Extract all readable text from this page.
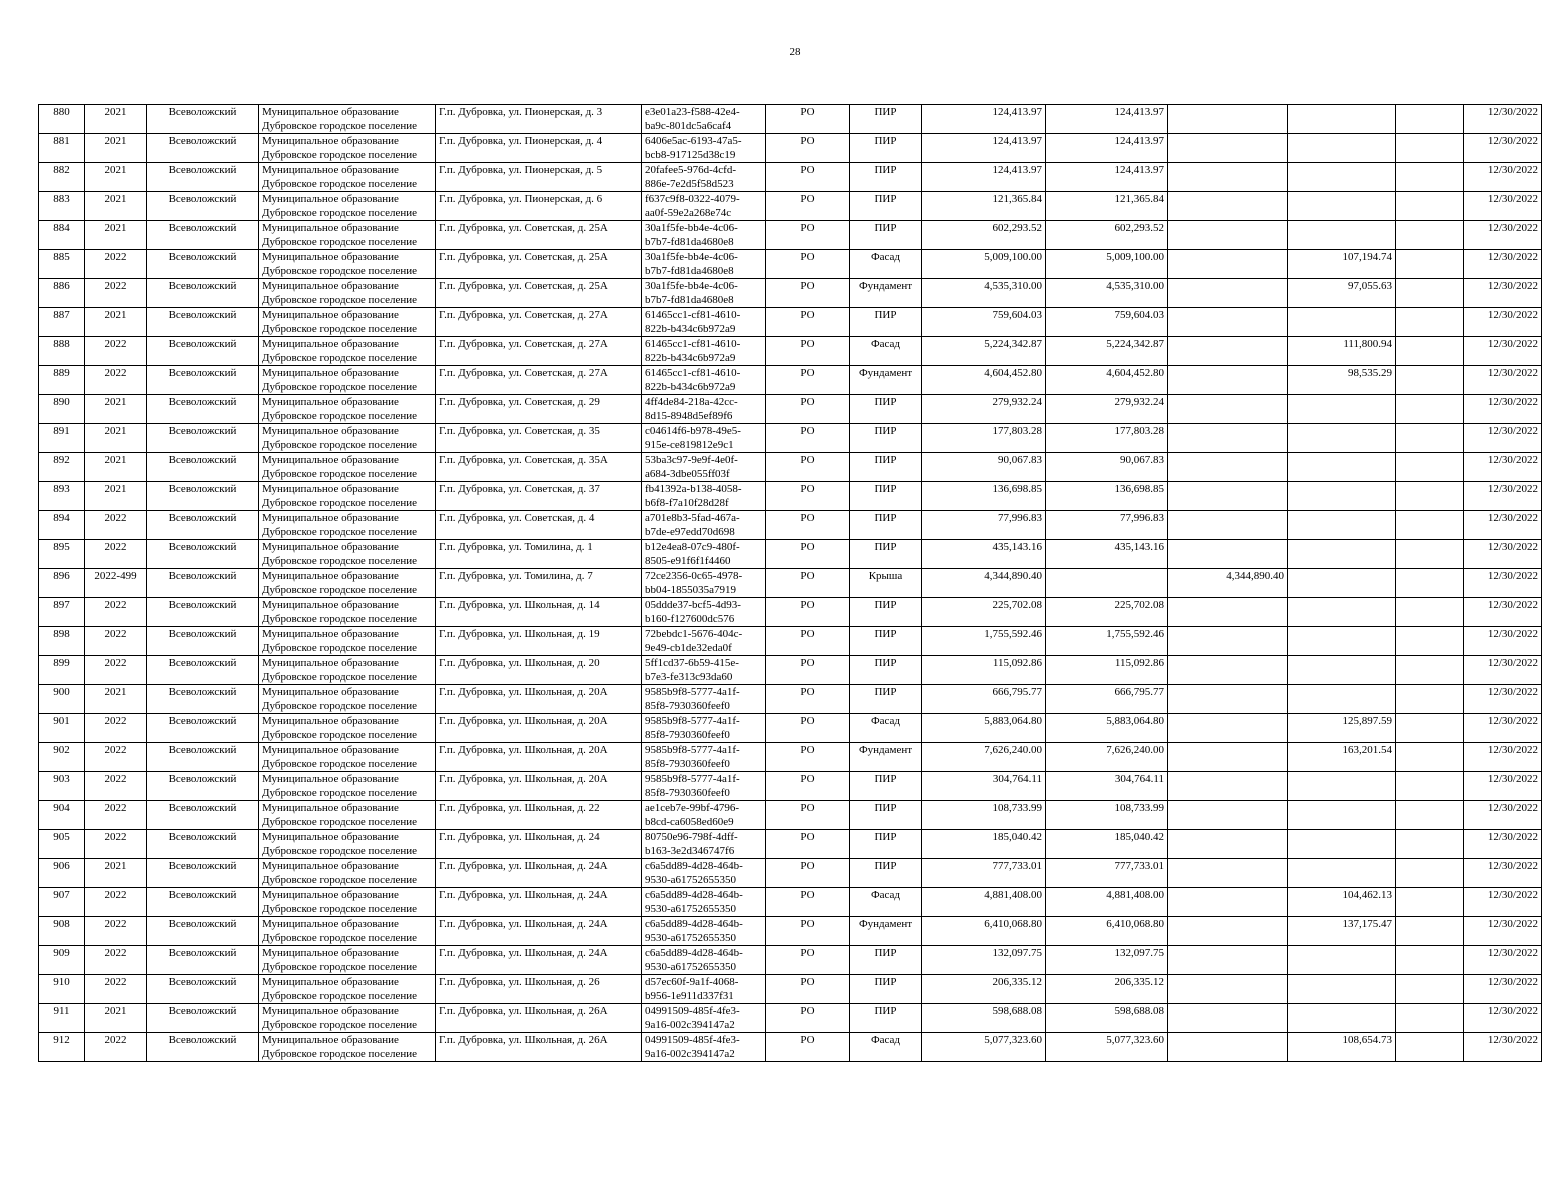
28
880	2021	Всеволожский	Муниципальное образование
Дубровское городское поселение	Г.п. Дубровка, ул. Пионерская, д. 3	e3e01a23-f588-42e4-
ba9c-801dc5a6caf4	РО	ПИР	124,413.97	124,413.97				12/30/2022
881	2021	Всеволожский	Муниципальное образование
Дубровское городское поселение	Г.п. Дубровка, ул. Пионерская, д. 4	6406e5ac-6193-47a5-
bcb8-917125d38c19	РО	ПИР	124,413.97	124,413.97				12/30/2022
882	2021	Всеволожский	Муниципальное образование
Дубровское городское поселение	Г.п. Дубровка, ул. Пионерская, д. 5	20fafee5-976d-4cfd-
886e-7e2d5f58d523	РО	ПИР	124,413.97	124,413.97				12/30/2022
883	2021	Всеволожский	Муниципальное образование
Дубровское городское поселение	Г.п. Дубровка, ул. Пионерская, д. 6	f637c9f8-0322-4079-
aa0f-59e2a268e74c	РО	ПИР	121,365.84	121,365.84				12/30/2022
884	2021	Всеволожский	Муниципальное образование
Дубровское городское поселение	Г.п. Дубровка, ул. Советская, д. 25А	30a1f5fe-bb4e-4c06-
b7b7-fd81da4680e8	РО	ПИР	602,293.52	602,293.52				12/30/2022
885	2022	Всеволожский	Муниципальное образование
Дубровское городское поселение	Г.п. Дубровка, ул. Советская, д. 25А	30a1f5fe-bb4e-4c06-
b7b7-fd81da4680e8	РО	Фасад	5,009,100.00	5,009,100.00		107,194.74		12/30/2022
886	2022	Всеволожский	Муниципальное образование
Дубровское городское поселение	Г.п. Дубровка, ул. Советская, д. 25А	30a1f5fe-bb4e-4c06-
b7b7-fd81da4680e8	РО	Фундамент	4,535,310.00	4,535,310.00		97,055.63		12/30/2022
887	2021	Всеволожский	Муниципальное образование
Дубровское городское поселение	Г.п. Дубровка, ул. Советская, д. 27А	61465cc1-cf81-4610-
822b-b434c6b972a9	РО	ПИР	759,604.03	759,604.03				12/30/2022
888	2022	Всеволожский	Муниципальное образование
Дубровское городское поселение	Г.п. Дубровка, ул. Советская, д. 27А	61465cc1-cf81-4610-
822b-b434c6b972a9	РО	Фасад	5,224,342.87	5,224,342.87		111,800.94		12/30/2022
889	2022	Всеволожский	Муниципальное образование
Дубровское городское поселение	Г.п. Дубровка, ул. Советская, д. 27А	61465cc1-cf81-4610-
822b-b434c6b972a9	РО	Фундамент	4,604,452.80	4,604,452.80		98,535.29		12/30/2022
890	2021	Всеволожский	Муниципальное образование
Дубровское городское поселение	Г.п. Дубровка, ул. Советская, д. 29	4ff4de84-218a-42cc-
8d15-8948d5ef89f6	РО	ПИР	279,932.24	279,932.24				12/30/2022
891	2021	Всеволожский	Муниципальное образование
Дубровское городское поселение	Г.п. Дубровка, ул. Советская, д. 35	c04614f6-b978-49e5-
915e-ce819812e9c1	РО	ПИР	177,803.28	177,803.28				12/30/2022
892	2021	Всеволожский	Муниципальное образование
Дубровское городское поселение	Г.п. Дубровка, ул. Советская, д. 35А	53ba3c97-9e9f-4e0f-
a684-3dbe055ff03f	РО	ПИР	90,067.83	90,067.83				12/30/2022
893	2021	Всеволожский	Муниципальное образование
Дубровское городское поселение	Г.п. Дубровка, ул. Советская, д. 37	fb41392a-b138-4058-
b6f8-f7a10f28d28f	РО	ПИР	136,698.85	136,698.85				12/30/2022
894	2022	Всеволожский	Муниципальное образование
Дубровское городское поселение	Г.п. Дубровка, ул. Советская, д. 4	a701e8b3-5fad-467a-
b7de-e97edd70d698	РО	ПИР	77,996.83	77,996.83				12/30/2022
895	2022	Всеволожский	Муниципальное образование
Дубровское городское поселение	Г.п. Дубровка, ул. Томилина, д. 1	b12e4ea8-07c9-480f-
8505-e91f6f1f4460	РО	ПИР	435,143.16	435,143.16				12/30/2022
896	2022-499	Всеволожский	Муниципальное образование
Дубровское городское поселение	Г.п. Дубровка, ул. Томилина, д. 7	72ce2356-0c65-4978-
bb04-1855035a7919	РО	Крыша	4,344,890.40		4,344,890.40			12/30/2022
897	2022	Всеволожский	Муниципальное образование
Дубровское городское поселение	Г.п. Дубровка, ул. Школьная, д. 14	05ddde37-bcf5-4d93-
b160-f127600dc576	РО	ПИР	225,702.08	225,702.08				12/30/2022
898	2022	Всеволожский	Муниципальное образование
Дубровское городское поселение	Г.п. Дубровка, ул. Школьная, д. 19	72bebdc1-5676-404c-
9e49-cb1de32eda0f	РО	ПИР	1,755,592.46	1,755,592.46				12/30/2022
899	2022	Всеволожский	Муниципальное образование
Дубровское городское поселение	Г.п. Дубровка, ул. Школьная, д. 20	5ff1cd37-6b59-415e-
b7e3-fe313c93da60	РО	ПИР	115,092.86	115,092.86				12/30/2022
900	2021	Всеволожский	Муниципальное образование
Дубровское городское поселение	Г.п. Дубровка, ул. Школьная, д. 20А	9585b9f8-5777-4a1f-
85f8-7930360feef0	РО	ПИР	666,795.77	666,795.77				12/30/2022
901	2022	Всеволожский	Муниципальное образование
Дубровское городское поселение	Г.п. Дубровка, ул. Школьная, д. 20А	9585b9f8-5777-4a1f-
85f8-7930360feef0	РО	Фасад	5,883,064.80	5,883,064.80		125,897.59		12/30/2022
902	2022	Всеволожский	Муниципальное образование
Дубровское городское поселение	Г.п. Дубровка, ул. Школьная, д. 20А	9585b9f8-5777-4a1f-
85f8-7930360feef0	РО	Фундамент	7,626,240.00	7,626,240.00		163,201.54		12/30/2022
903	2022	Всеволожский	Муниципальное образование
Дубровское городское поселение	Г.п. Дубровка, ул. Школьная, д. 20А	9585b9f8-5777-4a1f-
85f8-7930360feef0	РО	ПИР	304,764.11	304,764.11				12/30/2022
904	2022	Всеволожский	Муниципальное образование
Дубровское городское поселение	Г.п. Дубровка, ул. Школьная, д. 22	ae1ceb7e-99bf-4796-
b8cd-ca6058ed60e9	РО	ПИР	108,733.99	108,733.99				12/30/2022
905	2022	Всеволожский	Муниципальное образование
Дубровское городское поселение	Г.п. Дубровка, ул. Школьная, д. 24	80750e96-798f-4dff-
b163-3e2d346747f6	РО	ПИР	185,040.42	185,040.42				12/30/2022
906	2021	Всеволожский	Муниципальное образование
Дубровское городское поселение	Г.п. Дубровка, ул. Школьная, д. 24А	c6a5dd89-4d28-464b-
9530-a61752655350	РО	ПИР	777,733.01	777,733.01				12/30/2022
907	2022	Всеволожский	Муниципальное образование
Дубровское городское поселение	Г.п. Дубровка, ул. Школьная, д. 24А	c6a5dd89-4d28-464b-
9530-a61752655350	РО	Фасад	4,881,408.00	4,881,408.00		104,462.13		12/30/2022
908	2022	Всеволожский	Муниципальное образование
Дубровское городское поселение	Г.п. Дубровка, ул. Школьная, д. 24А	c6a5dd89-4d28-464b-
9530-a61752655350	РО	Фундамент	6,410,068.80	6,410,068.80		137,175.47		12/30/2022
909	2022	Всеволожский	Муниципальное образование
Дубровское городское поселение	Г.п. Дубровка, ул. Школьная, д. 24А	c6a5dd89-4d28-464b-
9530-a61752655350	РО	ПИР	132,097.75	132,097.75				12/30/2022
910	2022	Всеволожский	Муниципальное образование
Дубровское городское поселение	Г.п. Дубровка, ул. Школьная, д. 26	d57ec60f-9a1f-4068-
b956-1e911d337f31	РО	ПИР	206,335.12	206,335.12				12/30/2022
911	2021	Всеволожский	Муниципальное образование
Дубровское городское поселение	Г.п. Дубровка, ул. Школьная, д. 26А	04991509-485f-4fe3-
9a16-002c394147a2	РО	ПИР	598,688.08	598,688.08				12/30/2022
912	2022	Всеволожский	Муниципальное образование
Дубровское городское поселение	Г.п. Дубровка, ул. Школьная, д. 26А	04991509-485f-4fe3-
9a16-002c394147a2	РО	Фасад	5,077,323.60	5,077,323.60		108,654.73		12/30/2022
